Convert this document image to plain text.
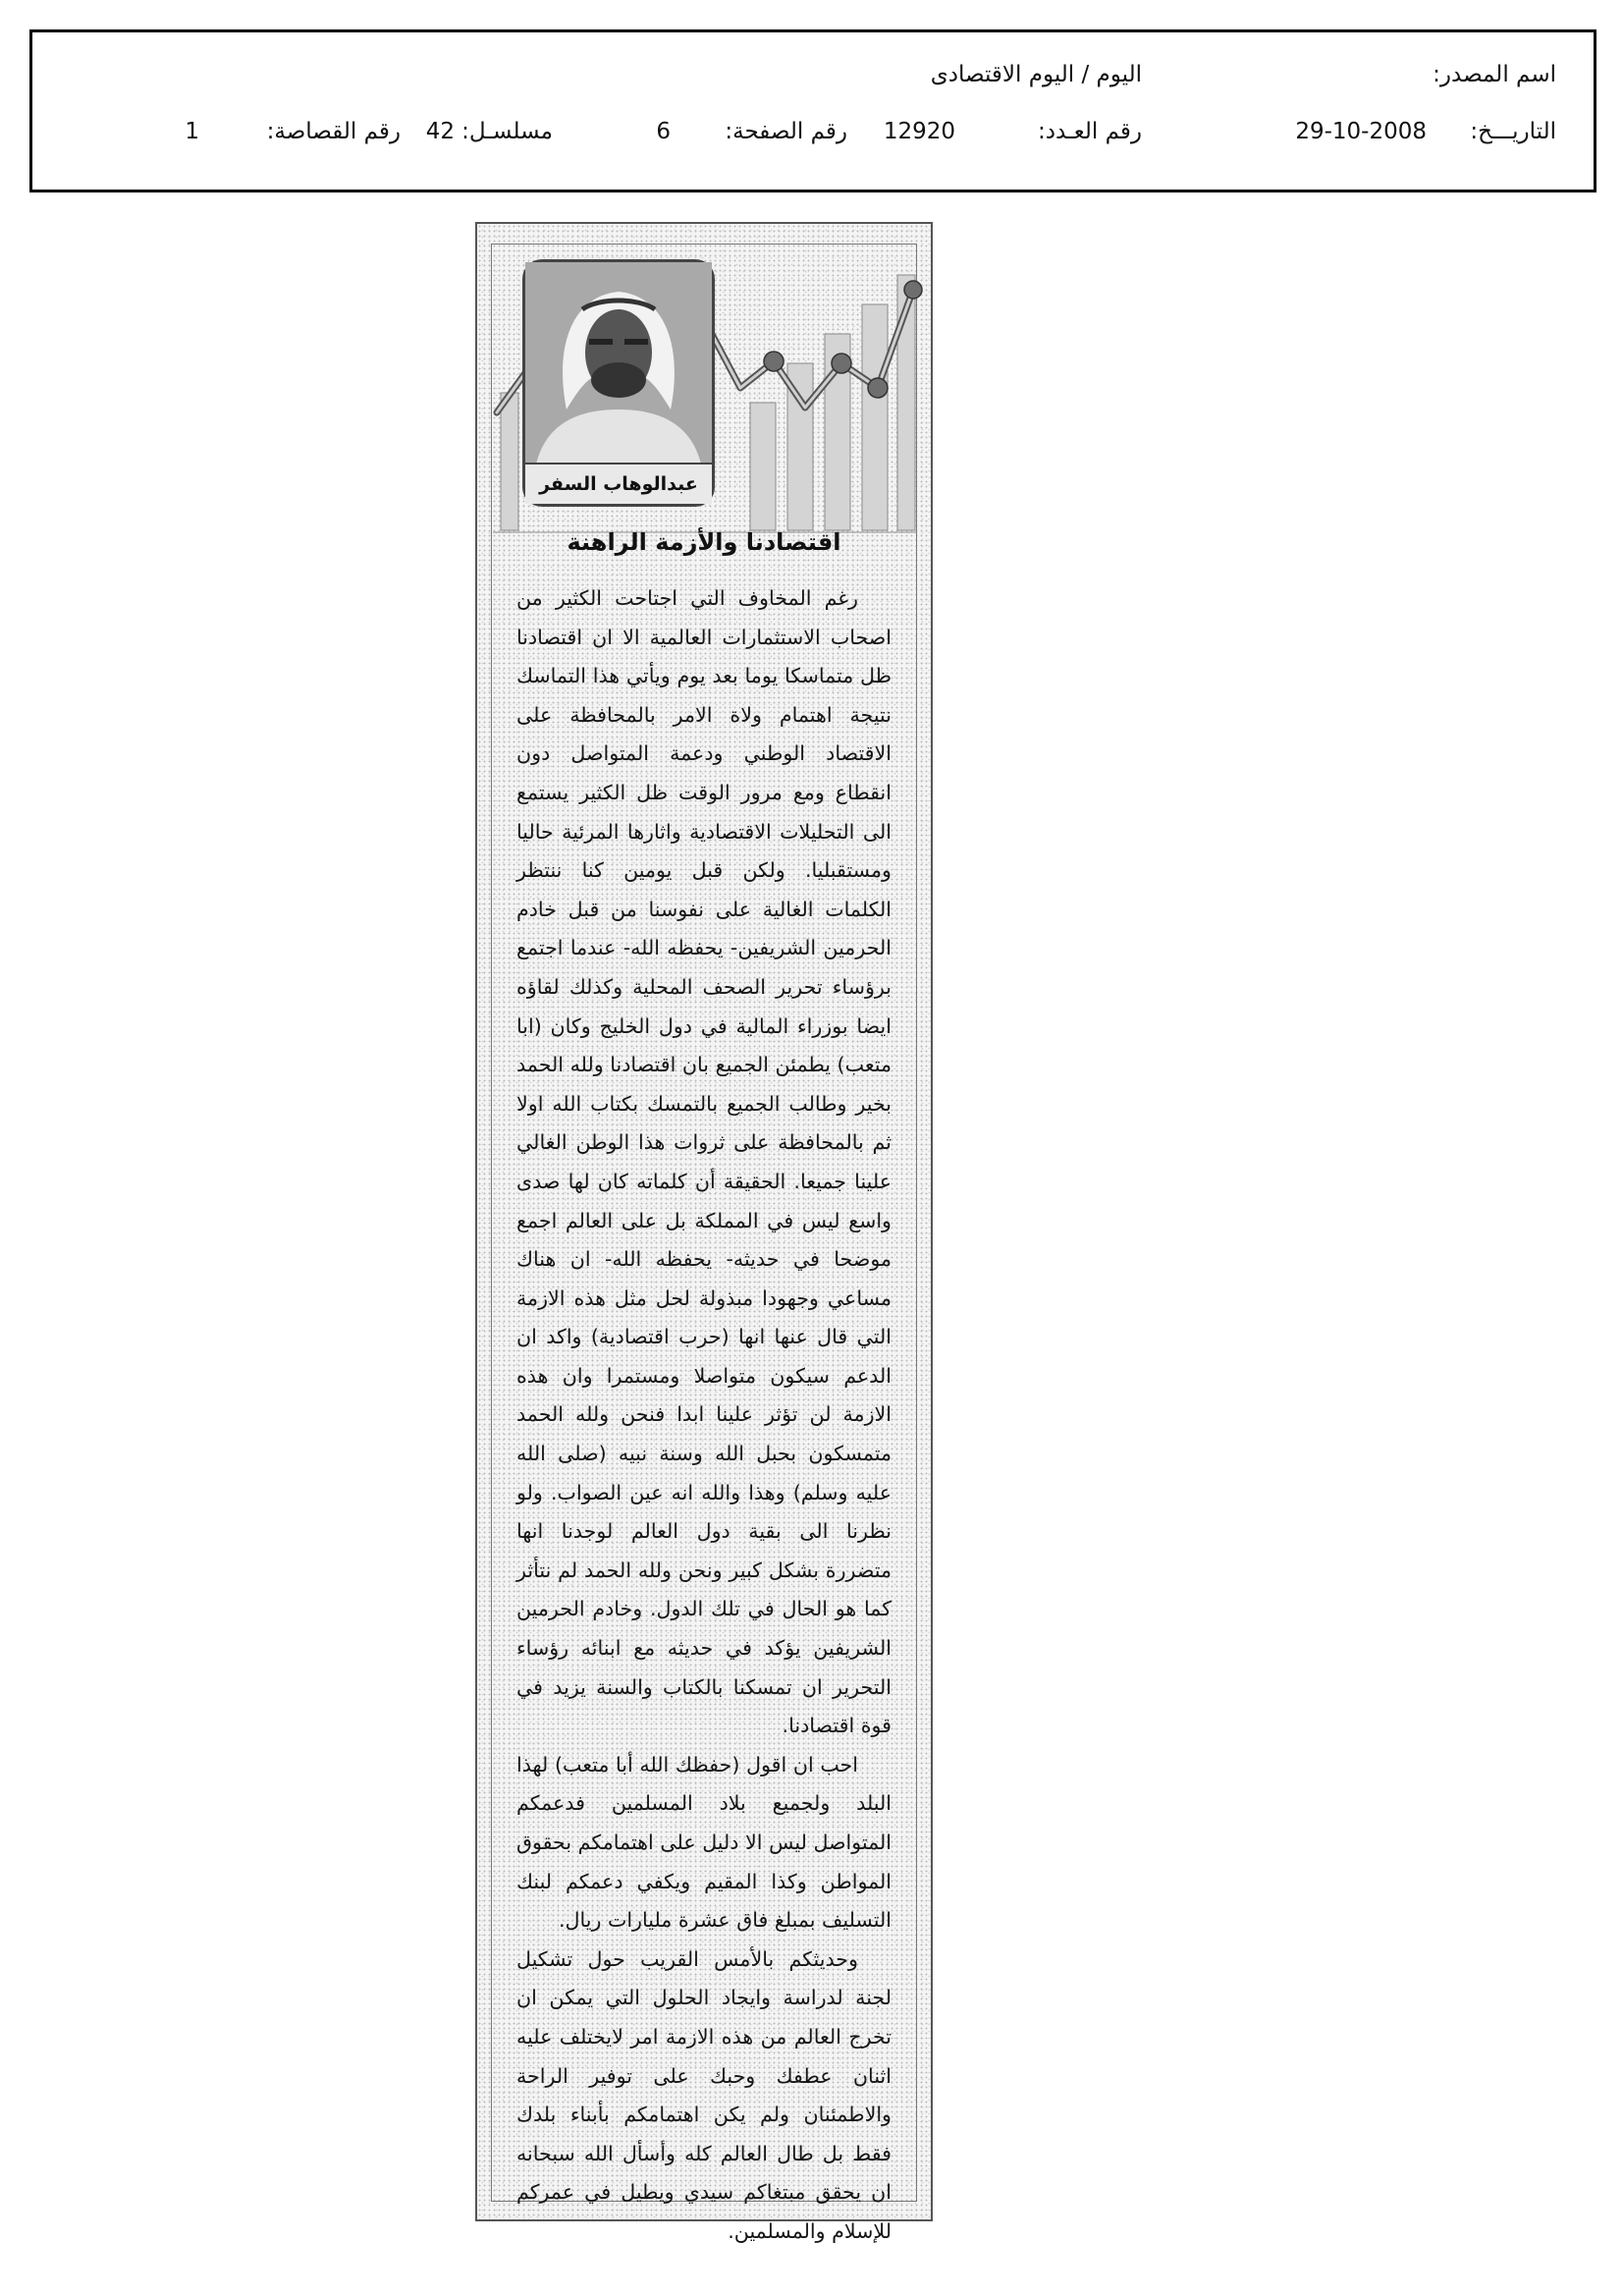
اسم المصدر:
اليوم / اليوم الاقتصادى
التاريـــخ:
29-10-2008
رقم العـدد:
12920
رقم الصفحة:
6
مسلسـل:
42
رقم القصاصة:
1
عبدالوهاب السفر
اقتصادنا والأزمة الراهنة

رغم المخاوف التي اجتاحت الكثير من اصحاب الاستثمارات العالمية الا ان اقتصادنا ظل متماسكا يوما بعد يوم ويأتي هذا التماسك نتيجة اهتمام ولاة الامر بالمحافظة على الاقتصاد الوطني ودعمة المتواصل دون انقطاع ومع مرور الوقت ظل الكثير يستمع الى التحليلات الاقتصادية واثارها المرئية حاليا ومستقبليا. ولكن قبل يومين كنا ننتظر الكلمات الغالية على نفوسنا من قبل خادم الحرمين الشريفين- يحفظه الله- عندما اجتمع برؤساء تحرير الصحف المحلية وكذلك لقاؤه ايضا بوزراء المالية في دول الخليج وكان (ابا متعب) يطمئن الجميع بان اقتصادنا ولله الحمد بخير وطالب الجميع بالتمسك بكتاب الله اولا ثم بالمحافظة على ثروات هذا الوطن الغالي علينا جميعا. الحقيقة أن كلماته كان لها صدى واسع ليس في المملكة بل على العالم اجمع موضحا في حديثه- يحفظه الله- ان هناك مساعي وجهودا مبذولة لحل مثل هذه الازمة التي قال عنها انها (حرب اقتصادية) واكد ان الدعم سيكون متواصلا ومستمرا وان هذه الازمة لن تؤثر علينا ابدا فنحن ولله الحمد متمسكون بحبل الله وسنة نبيه (صلى الله عليه وسلم) وهذا والله انه عين الصواب. ولو نظرنا الى بقية دول العالم لوجدنا انها متضررة بشكل كبير ونحن ولله الحمد لم نتأثر كما هو الحال في تلك الدول. وخادم الحرمين الشريفين يؤكد في حديثه مع ابنائه رؤساء التحرير ان تمسكنا بالكتاب والسنة يزيد في قوة اقتصادنا.

احب ان اقول (حفظك الله أبا متعب) لهذا البلد ولجميع بلاد المسلمين فدعمكم المتواصل ليس الا دليل على اهتمامكم بحقوق المواطن وكذا المقيم ويكفي دعمكم لبنك التسليف بمبلغ فاق عشرة مليارات ريال.

وحديثكم بالأمس القريب حول تشكيل لجنة لدراسة وايجاد الحلول التي يمكن ان تخرج العالم من هذه الازمة امر لايختلف عليه اثنان عطفك وحبك على توفير الراحة والاطمئنان ولم يكن اهتمامكم بأبناء بلدك فقط بل طال العالم كله وأسأل الله سبحانه ان يحقق مبتغاكم سيدي ويطيل في عمركم للإسلام والمسلمين.
